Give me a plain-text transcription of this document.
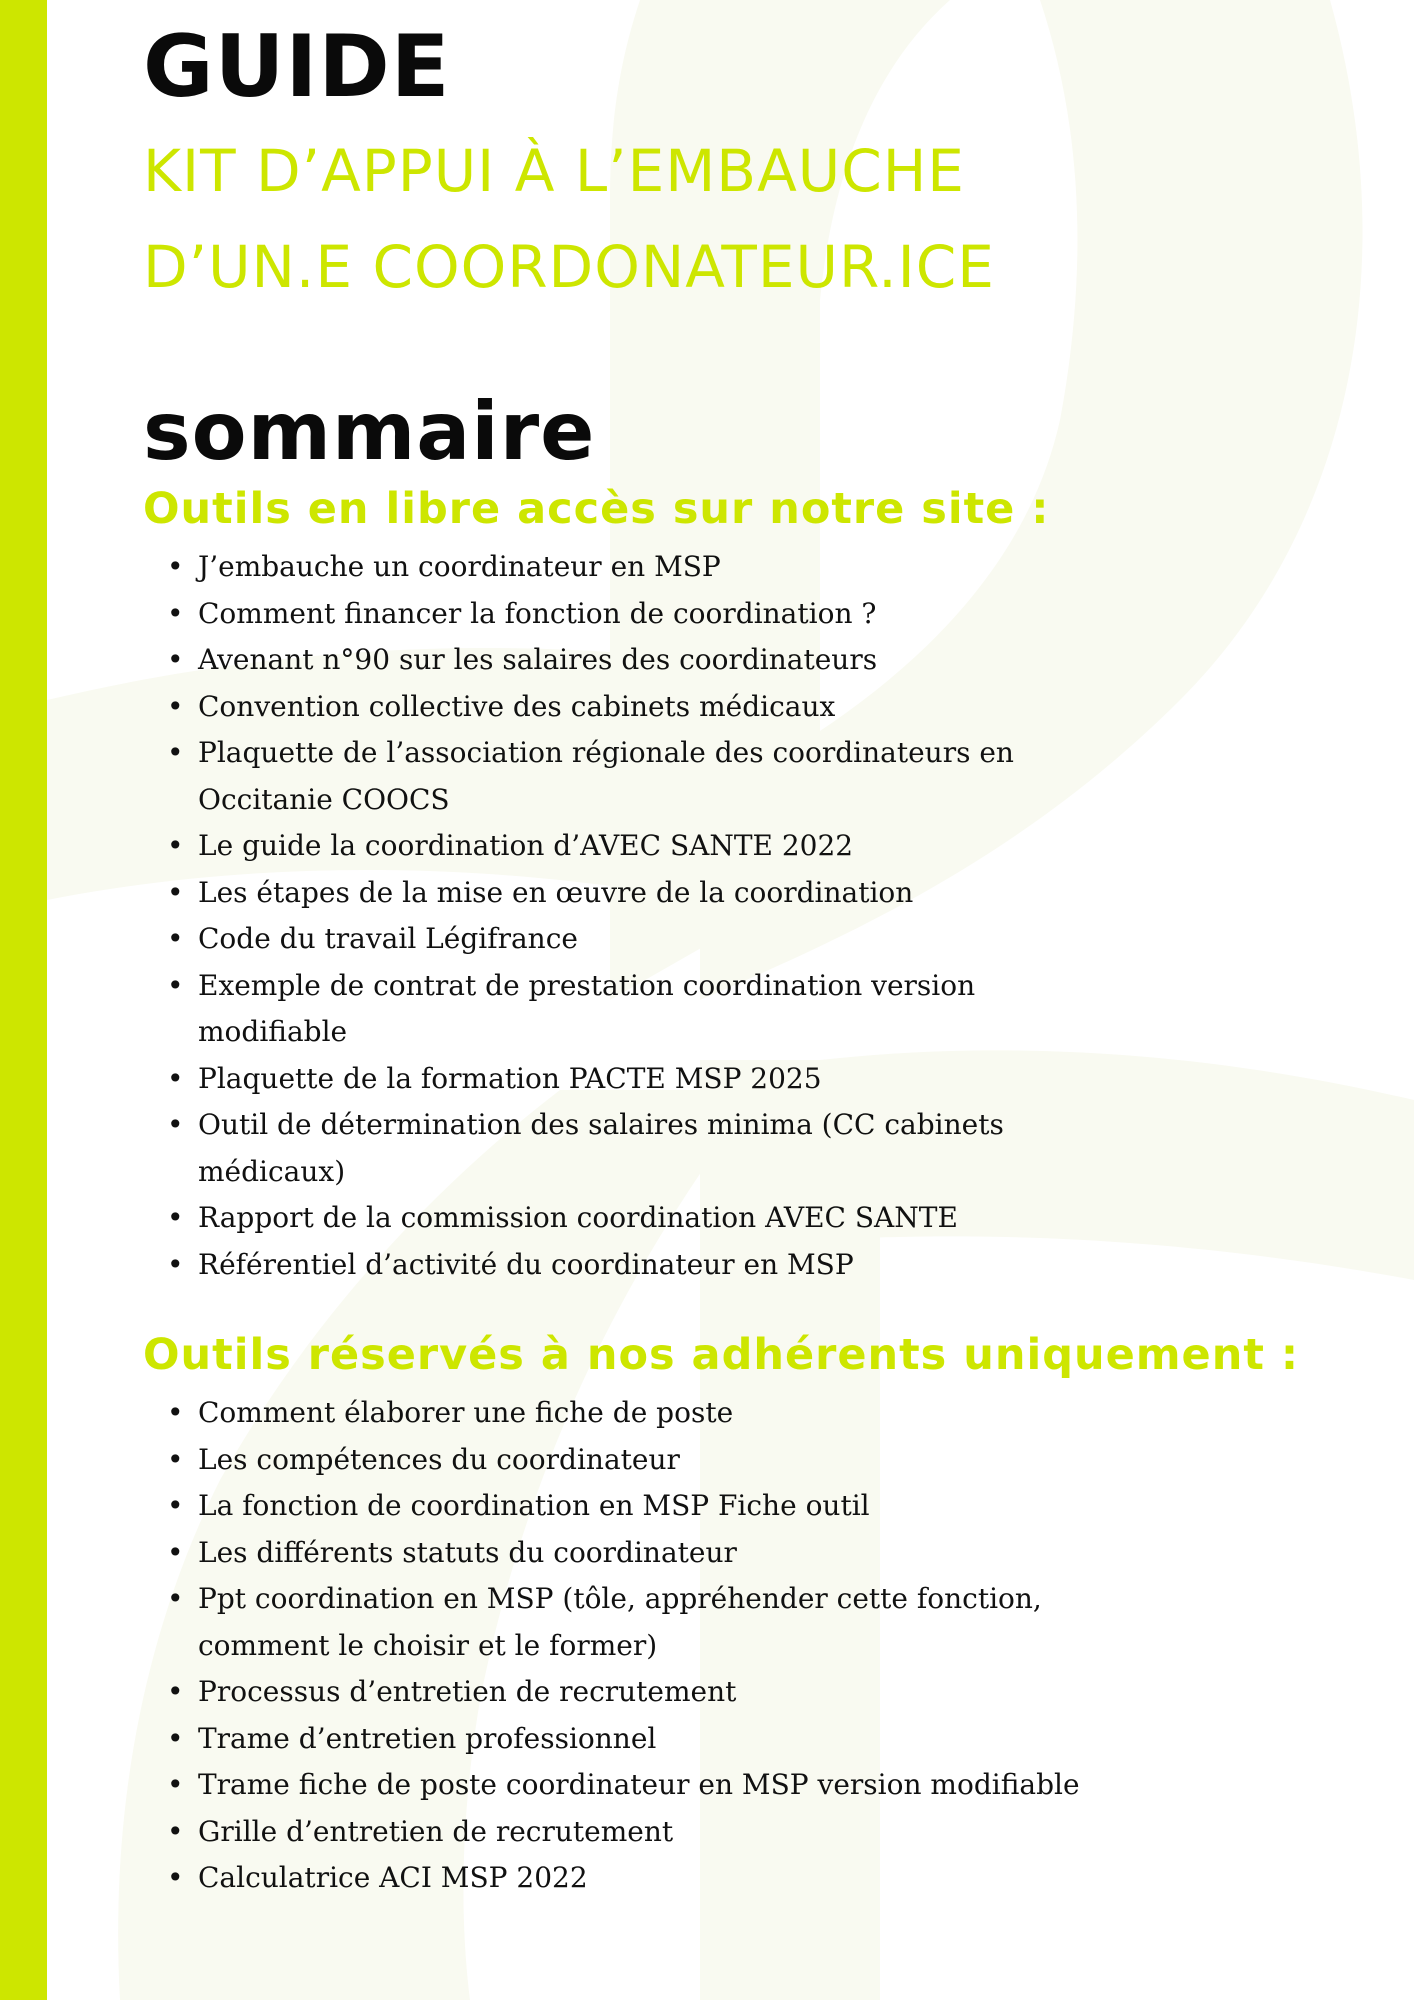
GUIDE
KIT D’APPUI À L’EMBAUCHE
D’UN.E COORDONATEUR.ICE
sommaire
Outils en libre accès sur notre site :
• J’embauche un coordinateur en MSP
• Comment financer la fonction de coordination ?
• Avenant n°90 sur les salaires des coordinateurs
• Convention collective des cabinets médicaux
• Plaquette de l’association régionale des coordinateurs en Occitanie COOCS
• Le guide la coordination d’AVEC SANTE 2022
• Les étapes de la mise en œuvre de la coordination
• Code du travail Légifrance
• Exemple de contrat de prestation coordination version modifiable
• Plaquette de la formation PACTE MSP 2025
• Outil de détermination des salaires minima (CC cabinets médicaux)
• Rapport de la commission coordination AVEC SANTE
• Référentiel d’activité du coordinateur en MSP
Outils réservés à nos adhérents uniquement :
• Comment élaborer une fiche de poste
• Les compétences du coordinateur
• La fonction de coordination en MSP Fiche outil
• Les différents statuts du coordinateur
• Ppt coordination en MSP (tôle, appréhender cette fonction, comment le choisir et le former)
• Processus d’entretien de recrutement
• Trame d’entretien professionnel
• Trame fiche de poste coordinateur en MSP version modifiable
• Grille d’entretien de recrutement
• Calculatrice ACI MSP 2022
